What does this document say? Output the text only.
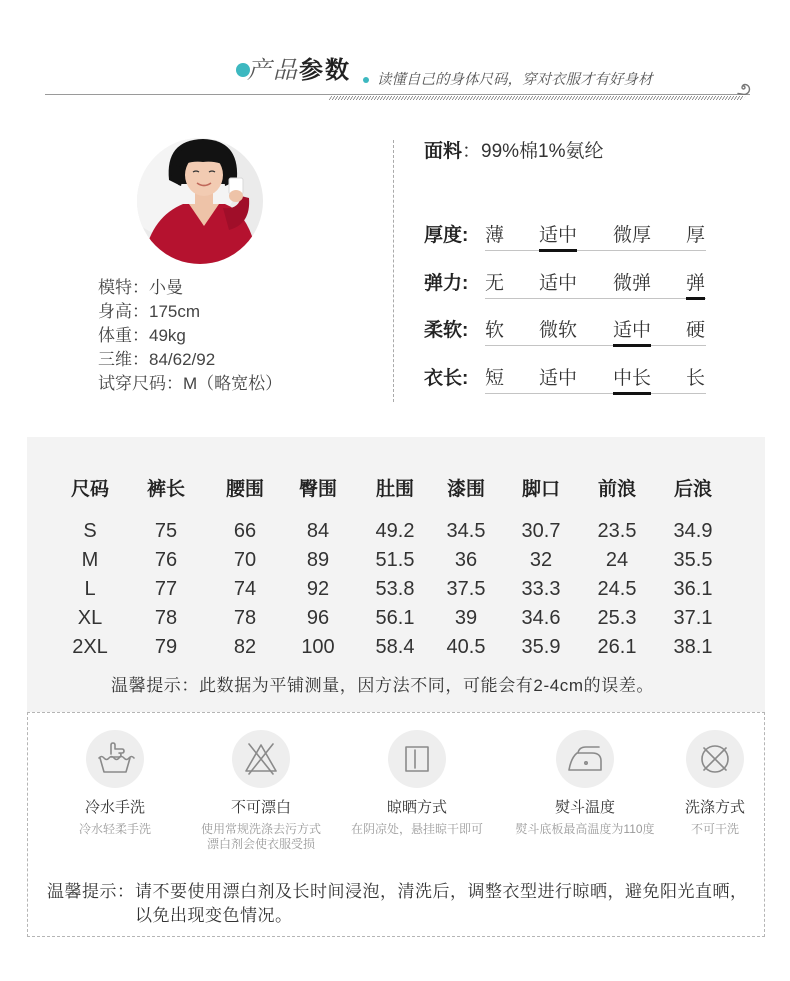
产品参数 读懂自己的身体尺码，穿对衣服才有好身材
模特：小曼
身高：175cm
体重：49kg
三维：84/62/92
试穿尺码：M（略宽松）
面料：99%棉1%氨纶
厚度: 薄 适中 微厚 厚
弹力: 无 适中 微弹 弹
柔软: 软 微软 适中 硬
衣长: 短 适中 中长 长
尺码	裤长	腰围	臀围	肚围	漆围	脚口	前浪	后浪
S	75	66	84	49.2	34.5	30.7	23.5	34.9
M	76	70	89	51.5	36	32	24	35.5
L	77	74	92	53.8	37.5	33.3	24.5	36.1
XL	78	78	96	56.1	39	34.6	25.3	37.1
2XL	79	82	100	58.4	40.5	35.9	26.1	38.1
温馨提示：此数据为平铺测量，因方法不同，可能会有2-4cm的误差。
冷水手洗
冷水轻柔手洗
不可漂白
使用常规洗涤去污方式
漂白剂会使衣服受损
晾晒方式
在阴凉处，悬挂晾干即可
熨斗温度
熨斗底板最高温度为110度
洗涤方式
不可干洗
温馨提示： 请不要使用漂白剂及长时间浸泡，清洗后，调整衣型进行晾晒，避免阳光直晒，
以免出现变色情况。
